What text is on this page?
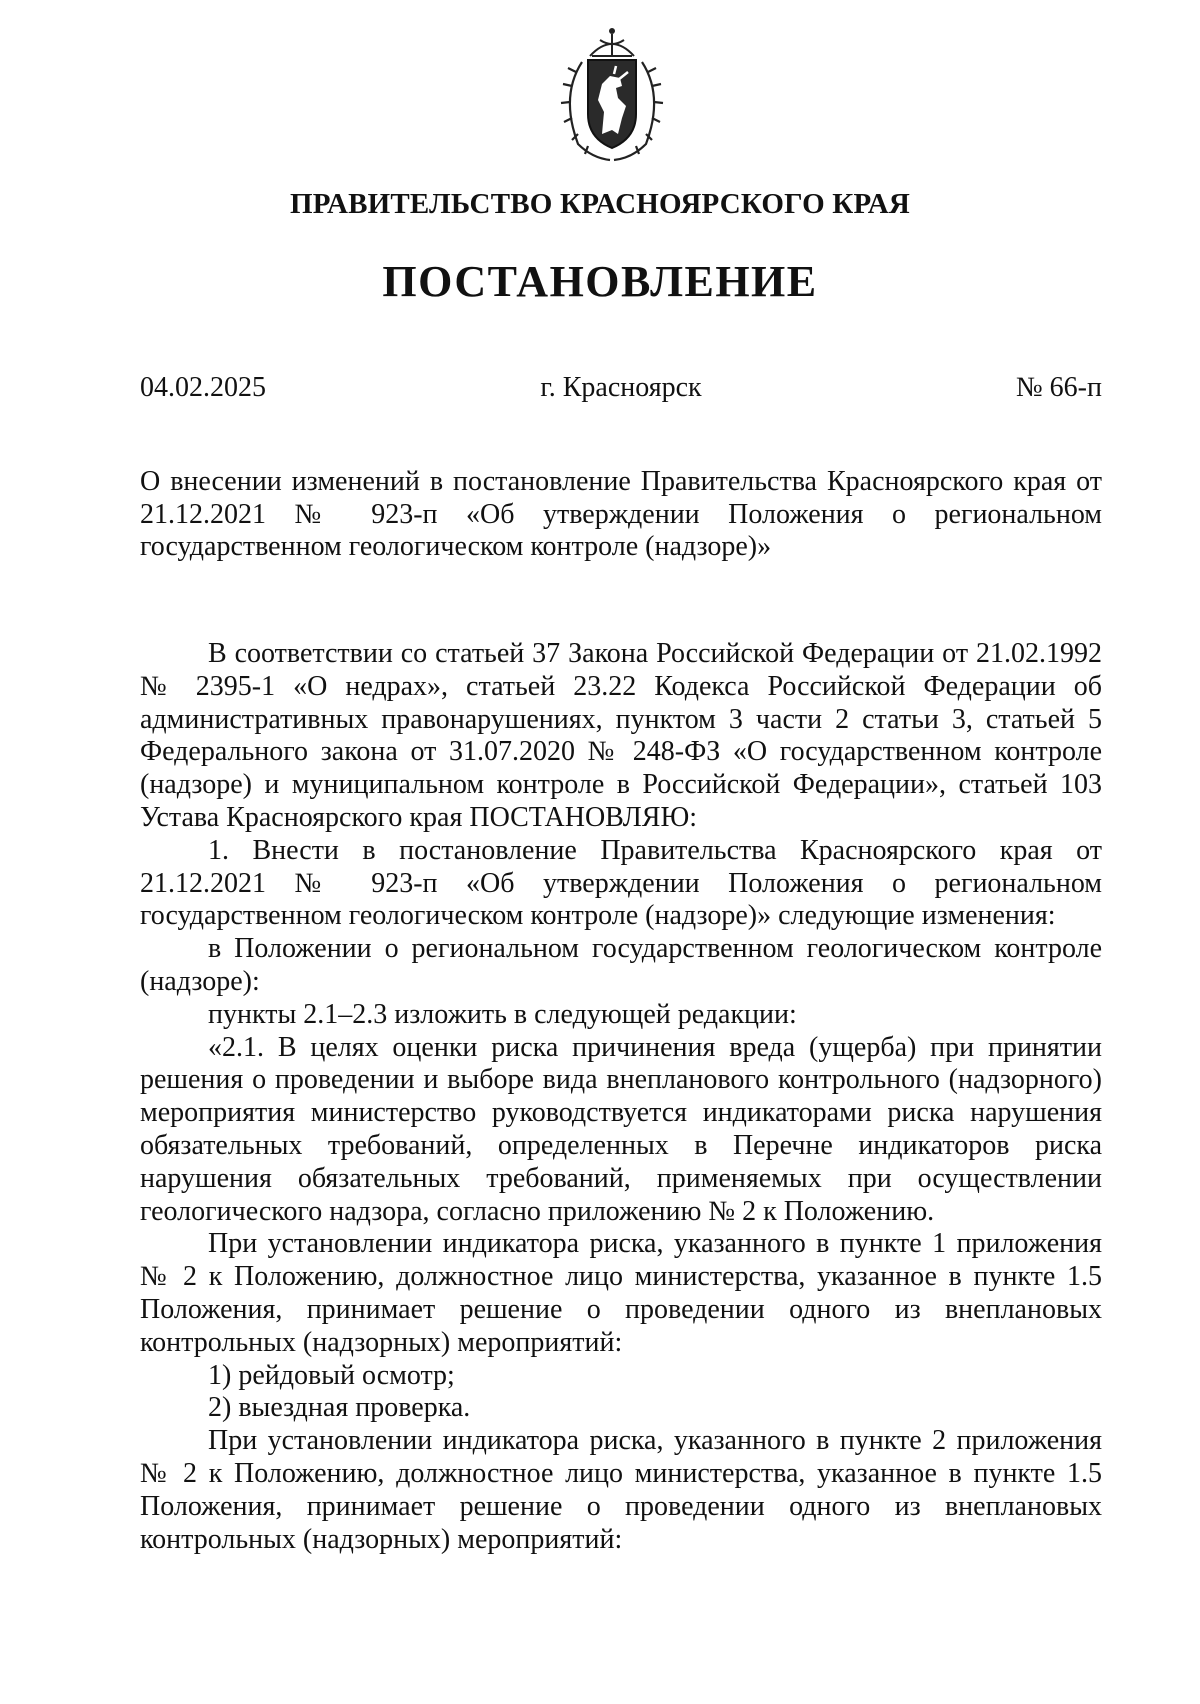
ПРАВИТЕЛЬСТВО КРАСНОЯРСКОГО КРАЯ
ПОСТАНОВЛЕНИЕ
04.02.2025	г. Красноярск	№ 66-п
О внесении изменений в постановление Правительства Красноярского края от 21.12.2021 № 923-п «Об утверждении Положения о региональном государственном геологическом контроле (надзоре)»

В соответствии со статьей 37 Закона Российской Федерации от 21.02.1992 № 2395-1 «О недрах», статьей 23.22 Кодекса Российской Федерации об административных правонарушениях, пунктом 3 части 2 статьи 3, статьей 5 Федерального закона от 31.07.2020 № 248-ФЗ «О государственном контроле (надзоре) и муниципальном контроле в Российской Федерации», статьей 103 Устава Красноярского края ПОСТАНОВЛЯЮ:

1. Внести в постановление Правительства Красноярского края от 21.12.2021 № 923-п «Об утверждении Положения о региональном государственном геологическом контроле (надзоре)» следующие изменения:

в Положении о региональном государственном геологическом контроле (надзоре):

пункты 2.1–2.3 изложить в следующей редакции:

«2.1. В целях оценки риска причинения вреда (ущерба) при принятии решения о проведении и выборе вида внепланового контрольного (надзорного) мероприятия министерство руководствуется индикаторами риска нарушения обязательных требований, определенных в Перечне индикаторов риска нарушения обязательных требований, применяемых при осуществлении геологического надзора, согласно приложению № 2 к Положению.

При установлении индикатора риска, указанного в пункте 1 приложения № 2 к Положению, должностное лицо министерства, указанное в пункте 1.5 Положения, принимает решение о проведении одного из внеплановых контрольных (надзорных) мероприятий:

1) рейдовый осмотр;

2) выездная проверка.

При установлении индикатора риска, указанного в пункте 2 приложения № 2 к Положению, должностное лицо министерства, указанное в пункте 1.5 Положения, принимает решение о проведении одного из внеплановых контрольных (надзорных) мероприятий:
